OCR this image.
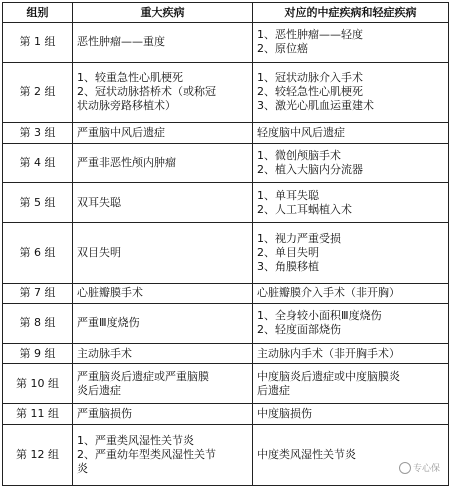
组别	重大疾病	对应的中症疾病和轻症疾病
第 1 组	恶性肿瘤——重度	1、恶性肿瘤——轻度
2、原位癌

第 2 组	1、较重急性心肌梗死
2、冠状动脉搭桥术（或称冠
状动脉旁路移植术）	1、冠状动脉介入手术
2、较轻急性心肌梗死
3、激光心肌血运重建术

第 3 组	严重脑中风后遗症	轻度脑中风后遗症

第 4 组	严重非恶性颅内肿瘤	1、微创颅脑手术
2、植入大脑内分流器

第 5 组	双耳失聪	1、单耳失聪
2、人工耳蜗植入术

第 6 组	双目失明	1、视力严重受损
2、单目失明
3、角膜移植

第 7 组	心脏瓣膜手术	心脏瓣膜介入手术（非开胸）

第 8 组	严重Ⅲ度烧伤	1、全身较小面积Ⅲ度烧伤
2、轻度面部烧伤

第 9 组	主动脉手术	主动脉内手术（非开胸手术）

第 10 组	严重脑炎后遗症或严重脑膜
炎后遗症	中度脑炎后遗症或中度脑膜炎
后遗症

第 11 组	严重脑损伤	中度脑损伤

第 12 组	1、严重类风湿性关节炎
2、严重幼年型类风湿性关节
炎	中度类风湿性关节炎
专心保
